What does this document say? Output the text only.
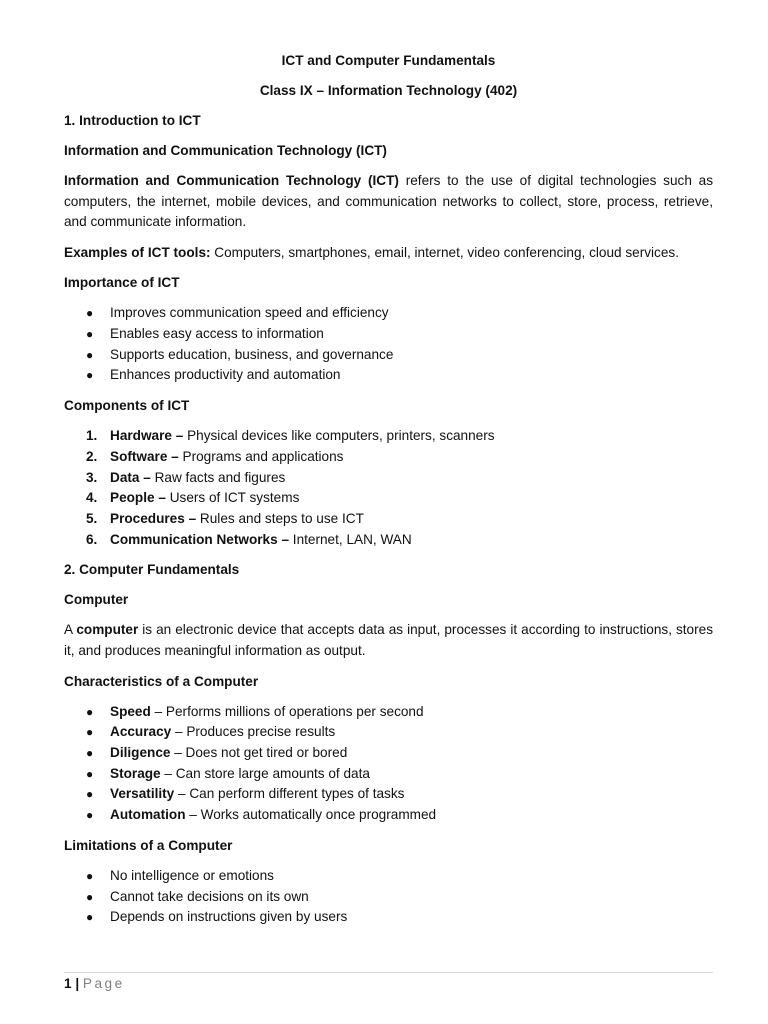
ICT and Computer Fundamentals

Class IX – Information Technology (402)

1. Introduction to ICT

Information and Communication Technology (ICT)

Information and Communication Technology (ICT) refers to the use of digital technologies such as computers, the internet, mobile devices, and communication networks to collect, store, process, retrieve, and communicate information.

Examples of ICT tools: Computers, smartphones, email, internet, video conferencing, cloud services.

Importance of ICT

● Improves communication speed and efficiency
● Enables easy access to information
● Supports education, business, and governance
● Enhances productivity and automation

Components of ICT

1. Hardware – Physical devices like computers, printers, scanners
2. Software – Programs and applications
3. Data – Raw facts and figures
4. People – Users of ICT systems
5. Procedures – Rules and steps to use ICT
6. Communication Networks – Internet, LAN, WAN

2. Computer Fundamentals

Computer

A computer is an electronic device that accepts data as input, processes it according to instructions, stores it, and produces meaningful information as output.

Characteristics of a Computer

● Speed – Performs millions of operations per second
● Accuracy – Produces precise results
● Diligence – Does not get tired or bored
● Storage – Can store large amounts of data
● Versatility – Can perform different types of tasks
● Automation – Works automatically once programmed

Limitations of a Computer

● No intelligence or emotions
● Cannot take decisions on its own
● Depends on instructions given by users
1 | Page
